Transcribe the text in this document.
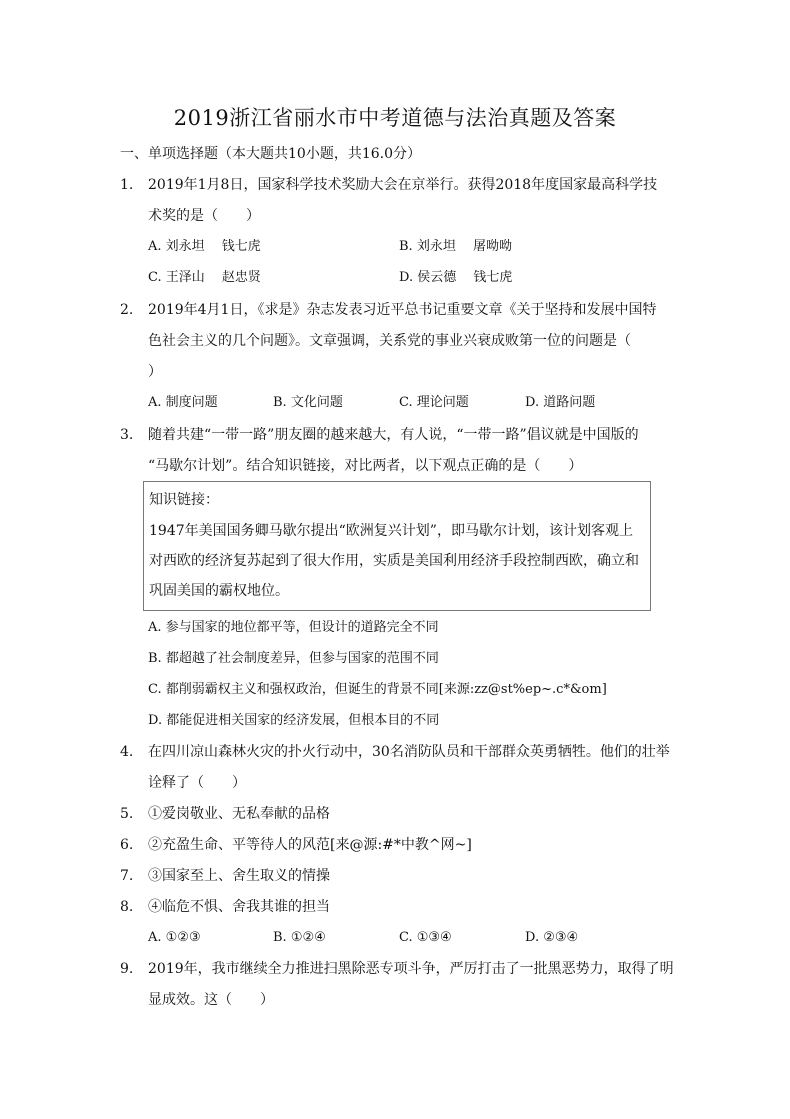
2019浙江省丽水市中考道德与法治真题及答案
一、单项选择题（本大题共10小题，共16.0分）
1. 2019年1月8日，国家科学技术奖励大会在京举行。获得2018年度国家最高科学技
术奖的是（　　）
A. 刘永坦　 钱七虎	B. 刘永坦　 屠呦呦
C. 王泽山　 赵忠贤	D. 侯云德　 钱七虎
2. 2019年4月1日，《求是》杂志发表习近平总书记重要文章《关于坚持和发展中国特
色社会主义的几个问题》。文章强调，关系党的事业兴衰成败第一位的问题是（
）
A. 制度问题	B. 文化问题	C. 理论问题	D. 道路问题
3. 随着共建“一带一路”朋友圈的越来越大，有人说，“一带一路”倡议就是中国版的
“马歇尔计划”。结合知识链接，对比两者，以下观点正确的是（　　）
知识链接：
1947年美国国务卿马歇尔提出“欧洲复兴计划”，即马歇尔计划，该计划客观上
对西欧的经济复苏起到了很大作用，实质是美国利用经济手段控制西欧，确立和
巩固美国的霸权地位。
A. 参与国家的地位都平等，但设计的道路完全不同
B. 都超越了社会制度差异，但参与国家的范围不同
C. 都削弱霸权主义和强权政治，但诞生的背景不同[来源:zz@st%ep~.c*&om]
D. 都能促进相关国家的经济发展，但根本目的不同
4. 在四川凉山森林火灾的扑火行动中，30名消防队员和干部群众英勇牺牲。他们的壮举
诠释了（　　）
5. ①爱岗敬业、无私奉献的品格
6. ②充盈生命、平等待人的风范[来@源:#*中教^网~]
7. ③国家至上、舍生取义的情操
8. ④临危不惧、舍我其谁的担当
A. ①②③	B. ①②④	C. ①③④	D. ②③④
9. 2019年，我市继续全力推进扫黑除恶专项斗争，严厉打击了一批黑恶势力，取得了明
显成效。这（　　）
